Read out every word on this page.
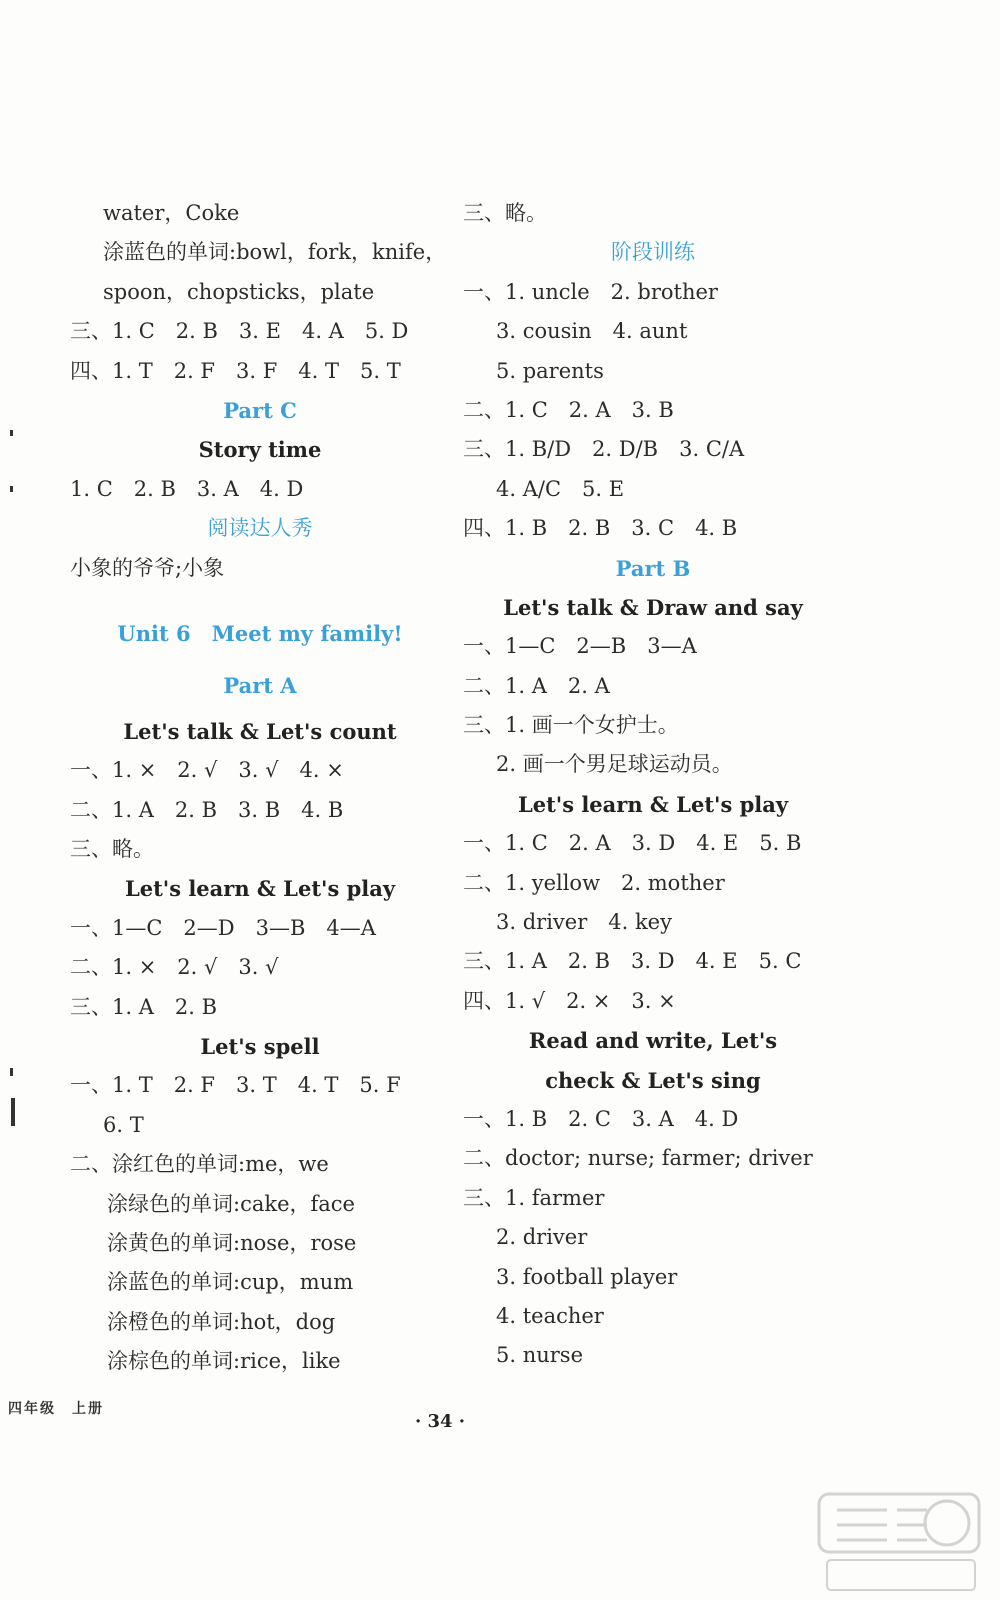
water，Coke
涂蓝色的单词:bowl，fork，knife，
spoon，chopsticks，plate
三、1. C　2. B　3. E　4. A　5. D
四、1. T　2. F　3. F　4. T　5. T
Part C
Story time
1. C　2. B　3. A　4. D
阅读达人秀
小象的爷爷;小象
Unit 6　Meet my family!
Part A
Let's talk & Let's count
一、1. ×　2. √　3. √　4. ×
二、1. A　2. B　3. B　4. B
三、略。
Let's learn & Let's play
一、1—C　2—D　3—B　4—A
二、1. ×　2. √　3. √
三、1. A　2. B
Let's spell
一、1. T　2. F　3. T　4. T　5. F
6. T
二、涂红色的单词:me，we
涂绿色的单词:cake，face
涂黄色的单词:nose，rose
涂蓝色的单词:cup，mum
涂橙色的单词:hot，dog
涂棕色的单词:rice，like
三、略。
阶段训练
一、1. uncle　2. brother
3. cousin　4. aunt
5. parents
二、1. C　2. A　3. B
三、1. B/D　2. D/B　3. C/A
4. A/C　5. E
四、1. B　2. B　3. C　4. B
Part B
Let's talk & Draw and say
一、1—C　2—B　3—A
二、1. A　2. A
三、1. 画一个女护士。
2. 画一个男足球运动员。
Let's learn & Let's play
一、1. C　2. A　3. D　4. E　5. B
二、1. yellow　2. mother
3. driver　4. key
三、1. A　2. B　3. D　4. E　5. C
四、1. √　2. ×　3. ×
Read and write, Let's
check & Let's sing
一、1. B　2. C　3. A　4. D
二、doctor; nurse; farmer; driver
三、1. farmer
2. driver
3. football player
4. teacher
5. nurse
四年级　上册
· 34 ·
